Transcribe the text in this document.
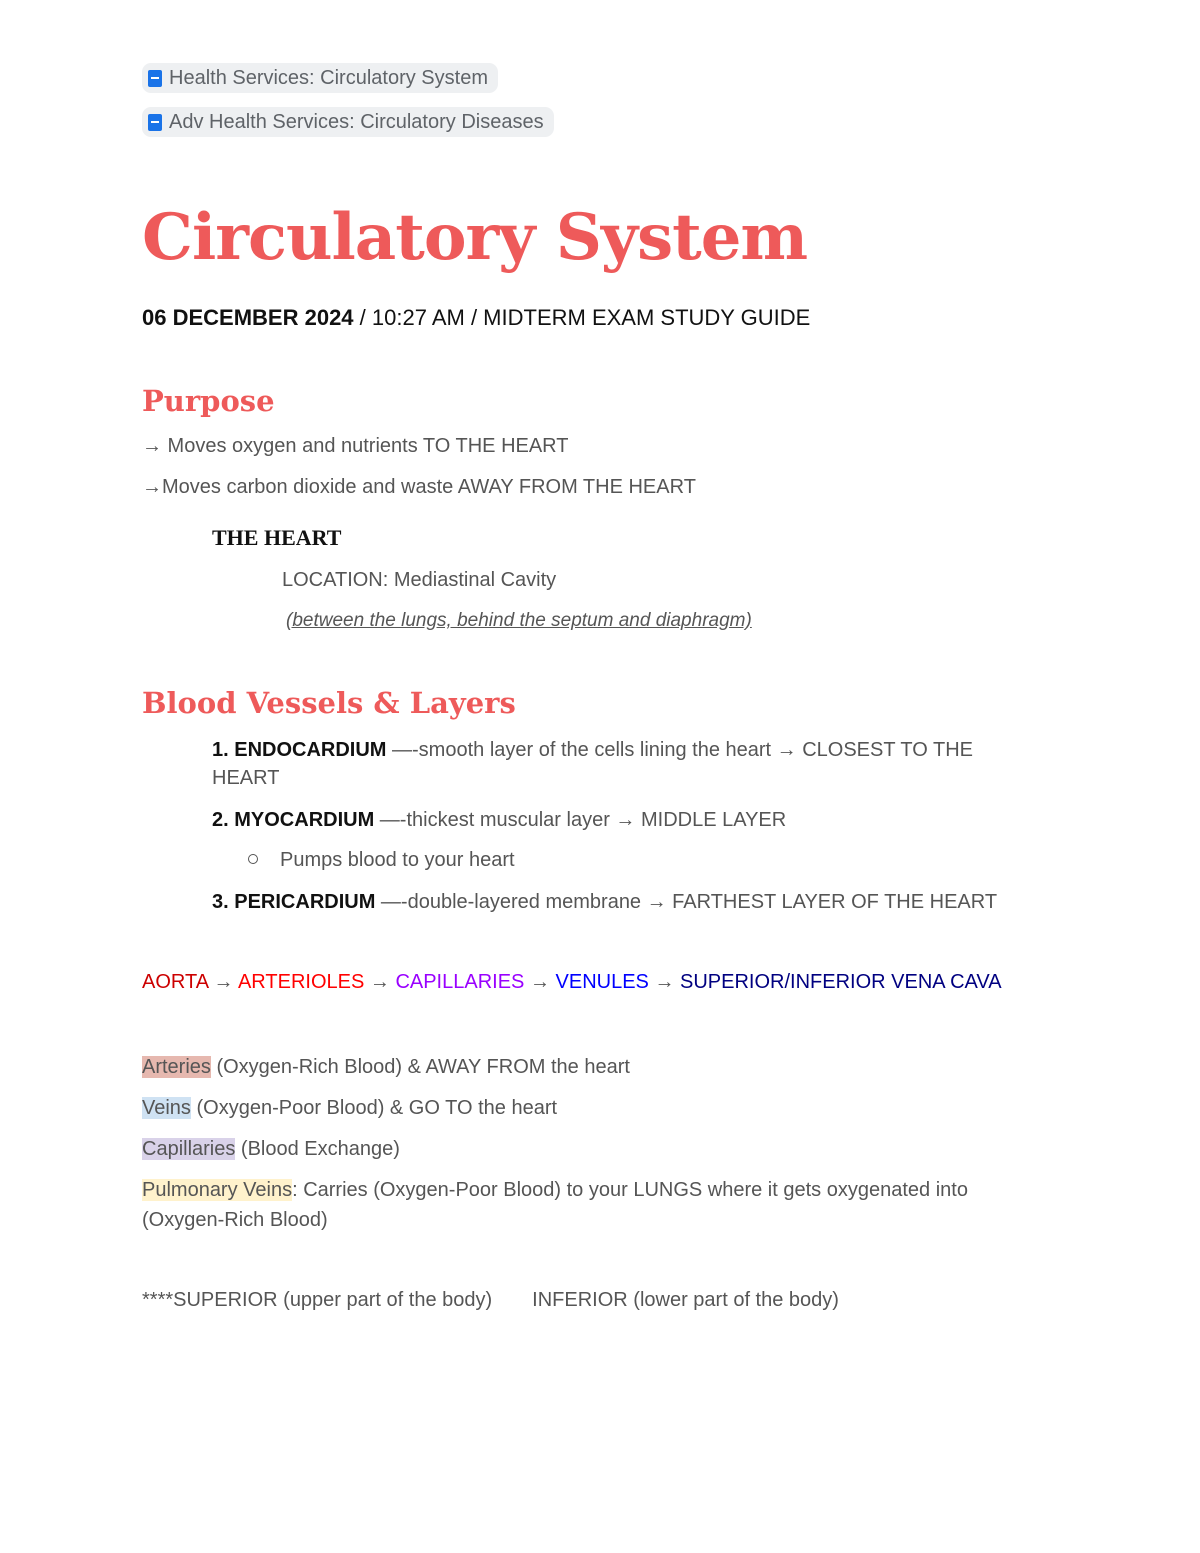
Health Services: Circulatory System
Adv Health Services: Circulatory Diseases
Circulatory System
06 DECEMBER 2024 / 10:27 AM / MIDTERM EXAM STUDY GUIDE
Purpose
→ Moves oxygen and nutrients TO THE HEART
→Moves carbon dioxide and waste AWAY FROM THE HEART
THE HEART
LOCATION: Mediastinal Cavity
(between the lungs, behind the septum and diaphragm)
Blood Vessels & Layers
1. ENDOCARDIUM —-smooth layer of the cells lining the heart → CLOSEST TO THE HEART
2. MYOCARDIUM —-thickest muscular layer → MIDDLE LAYER
Pumps blood to your heart
3. PERICARDIUM —-double-layered membrane → FARTHEST LAYER OF THE HEART
AORTA → ARTERIOLES → CAPILLARIES → VENULES → SUPERIOR/INFERIOR VENA CAVA
Arteries (Oxygen-Rich Blood) & AWAY FROM the heart
Veins (Oxygen-Poor Blood) & GO TO the heart
Capillaries (Blood Exchange)
Pulmonary Veins: Carries (Oxygen-Poor Blood) to your LUNGS where it gets oxygenated into (Oxygen-Rich Blood)
****SUPERIOR (upper part of the body) INFERIOR (lower part of the body)
